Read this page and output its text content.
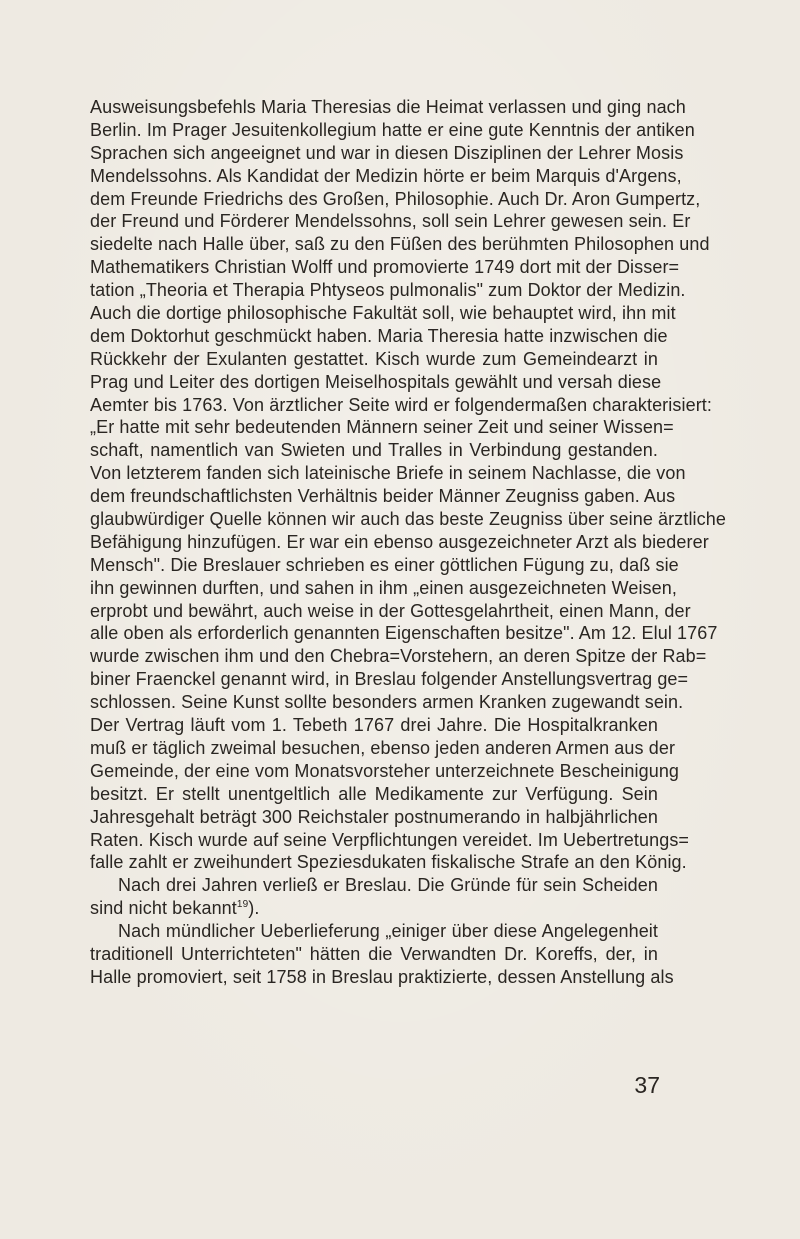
Ausweisungsbefehls Maria Theresias die Heimat verlassen und ging nach
Berlin. Im Prager Jesuitenkollegium hatte er eine gute Kenntnis der antiken
Sprachen sich angeeignet und war in diesen Disziplinen der Lehrer Mosis
Mendelssohns. Als Kandidat der Medizin hörte er beim Marquis d'Argens,
dem Freunde Friedrichs des Großen, Philosophie. Auch Dr. Aron Gumpertz,
der Freund und Förderer Mendelssohns, soll sein Lehrer gewesen sein. Er
siedelte nach Halle über, saß zu den Füßen des berühmten Philosophen und
Mathematikers Christian Wolff und promovierte 1749 dort mit der Disser=
tation „Theoria et Therapia Phtyseos pulmonalis" zum Doktor der Medizin.
Auch die dortige philosophische Fakultät soll, wie behauptet wird, ihn mit
dem Doktorhut geschmückt haben. Maria Theresia hatte inzwischen die
Rückkehr der Exulanten gestattet. Kisch wurde zum Gemeindearzt in
Prag und Leiter des dortigen Meiselhospitals gewählt und versah diese
Aemter bis 1763. Von ärztlicher Seite wird er folgendermaßen charakterisiert:
„Er hatte mit sehr bedeutenden Männern seiner Zeit und seiner Wissen=
schaft, namentlich van Swieten und Tralles in Verbindung gestanden.
Von letzterem fanden sich lateinische Briefe in seinem Nachlasse, die von
dem freundschaftlichsten Verhältnis beider Männer Zeugniss gaben. Aus
glaubwürdiger Quelle können wir auch das beste Zeugniss über seine ärztliche
Befähigung hinzufügen. Er war ein ebenso ausgezeichneter Arzt als biederer
Mensch". Die Breslauer schrieben es einer göttlichen Fügung zu, daß sie
ihn gewinnen durften, und sahen in ihm „einen ausgezeichneten Weisen,
erprobt und bewährt, auch weise in der Gottesgelahrtheit, einen Mann, der
alle oben als erforderlich genannten Eigenschaften besitze". Am 12. Elul 1767
wurde zwischen ihm und den Chebra=Vorstehern, an deren Spitze der Rab=
biner Fraenckel genannt wird, in Breslau folgender Anstellungsvertrag ge=
schlossen. Seine Kunst sollte besonders armen Kranken zugewandt sein.
Der Vertrag läuft vom 1. Tebeth 1767 drei Jahre. Die Hospitalkranken
muß er täglich zweimal besuchen, ebenso jeden anderen Armen aus der
Gemeinde, der eine vom Monatsvorsteher unterzeichnete Bescheinigung
besitzt. Er stellt unentgeltlich alle Medikamente zur Verfügung. Sein
Jahresgehalt beträgt 300 Reichstaler postnumerando in halbjährlichen
Raten. Kisch wurde auf seine Verpflichtungen vereidet. Im Uebertretungs=
falle zahlt er zweihundert Speziesdukaten fiskalische Strafe an den König.
Nach drei Jahren verließ er Breslau. Die Gründe für sein Scheiden
sind nicht bekannt$^{19}$).
Nach mündlicher Ueberlieferung „einiger über diese Angelegenheit
traditionell Unterrichteten" hätten die Verwandten Dr. Koreffs, der, in
Halle promoviert, seit 1758 in Breslau praktizierte, dessen Anstellung als
37
